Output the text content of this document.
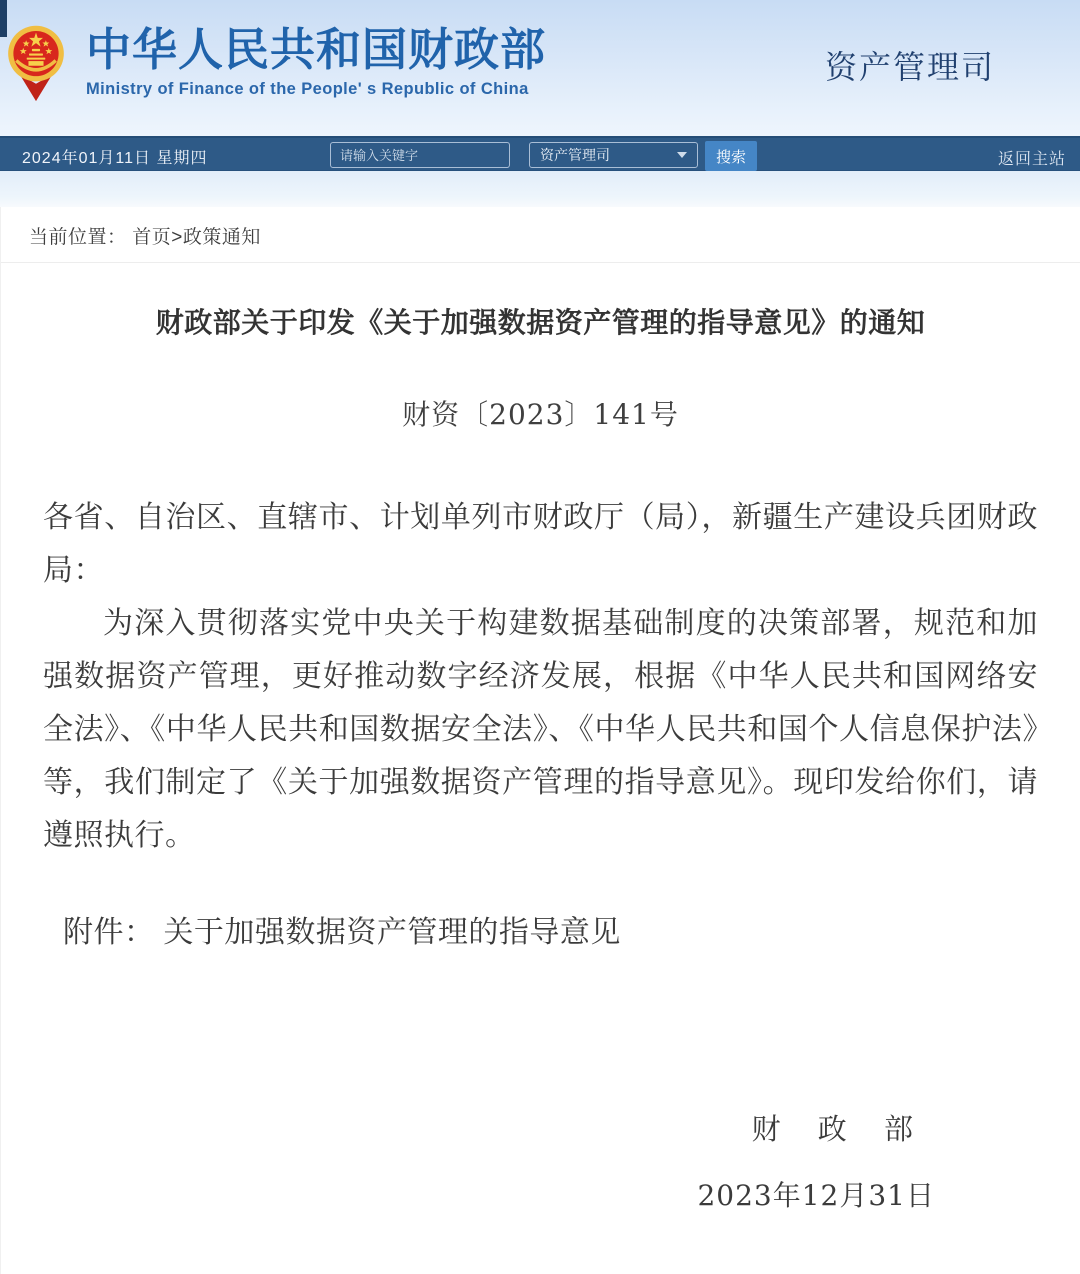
中华人民共和国财政部
Ministry of Finance of the People' s Republic of China
资产管理司
2024年01月11日 星期四
请输入关键字	资产管理司	搜索	返回主站
当前位置： 首页>政策通知
财政部关于印发《关于加强数据资产管理的指导意见》的通知
财资〔2023〕141号

各省、自治区、直辖市、计划单列市财政厅（局），新疆生产建设兵团财政局：

为深入贯彻落实党中央关于构建数据基础制度的决策部署，规范和加强数据资产管理，更好推动数字经济发展，根据《中华人民共和国网络安全法》、《中华人民共和国数据安全法》、《中华人民共和国个人信息保护法》等，我们制定了《关于加强数据资产管理的指导意见》。现印发给你们，请遵照执行。

附件： 关于加强数据资产管理的指导意见

财 政 部
2023年12月31日
